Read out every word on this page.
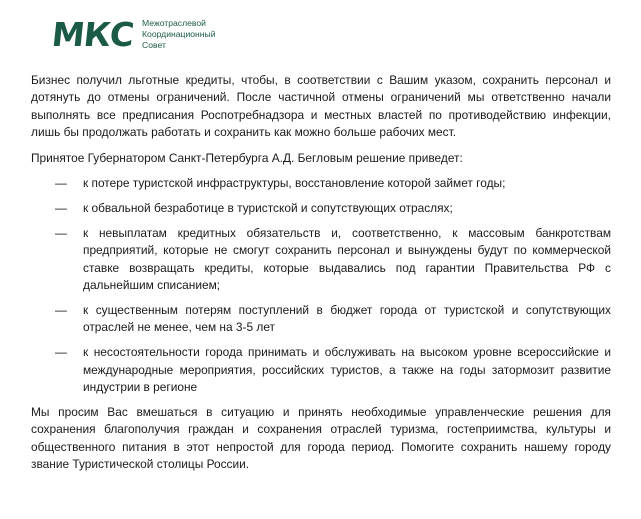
МКС Межотраслевой
Координационный
Совет

Бизнес получил льготные кредиты, чтобы, в соответствии с Вашим указом, сохранить персонал и дотянуть до отмены ограничений. После частичной отмены ограничений мы ответственно начали выполнять все предписания Роспотребнадзора и местных властей по противодействию инфекции, лишь бы продолжать работать и сохранить как можно больше рабочих мест.

Принятое Губернатором Санкт-Петербурга А.Д. Бегловым решение приведет:

— к потере туристской инфраструктуры, восстановление которой займет годы;
— к обвальной безработице в туристской и сопутствующих отраслях;
— к невыплатам кредитных обязательств и, соответственно, к массовым банкротствам предприятий, которые не смогут сохранить персонал и вынуждены будут по коммерческой ставке возвращать кредиты, которые выдавались под гарантии Правительства РФ с дальнейшим списанием;
— к существенным потерям поступлений в бюджет города от туристской и сопутствующих отраслей не менее, чем на 3-5 лет
— к несостоятельности города принимать и обслуживать на высоком уровне всероссийские и международные мероприятия, российских туристов, а также на годы затормозит развитие индустрии в регионе

Мы просим Вас вмешаться в ситуацию и принять необходимые управленческие решения для сохранения благополучия граждан и сохранения отраслей туризма, гостеприимства, культуры и общественного питания в этот непростой для города период. Помогите сохранить нашему городу звание Туристической столицы России.
